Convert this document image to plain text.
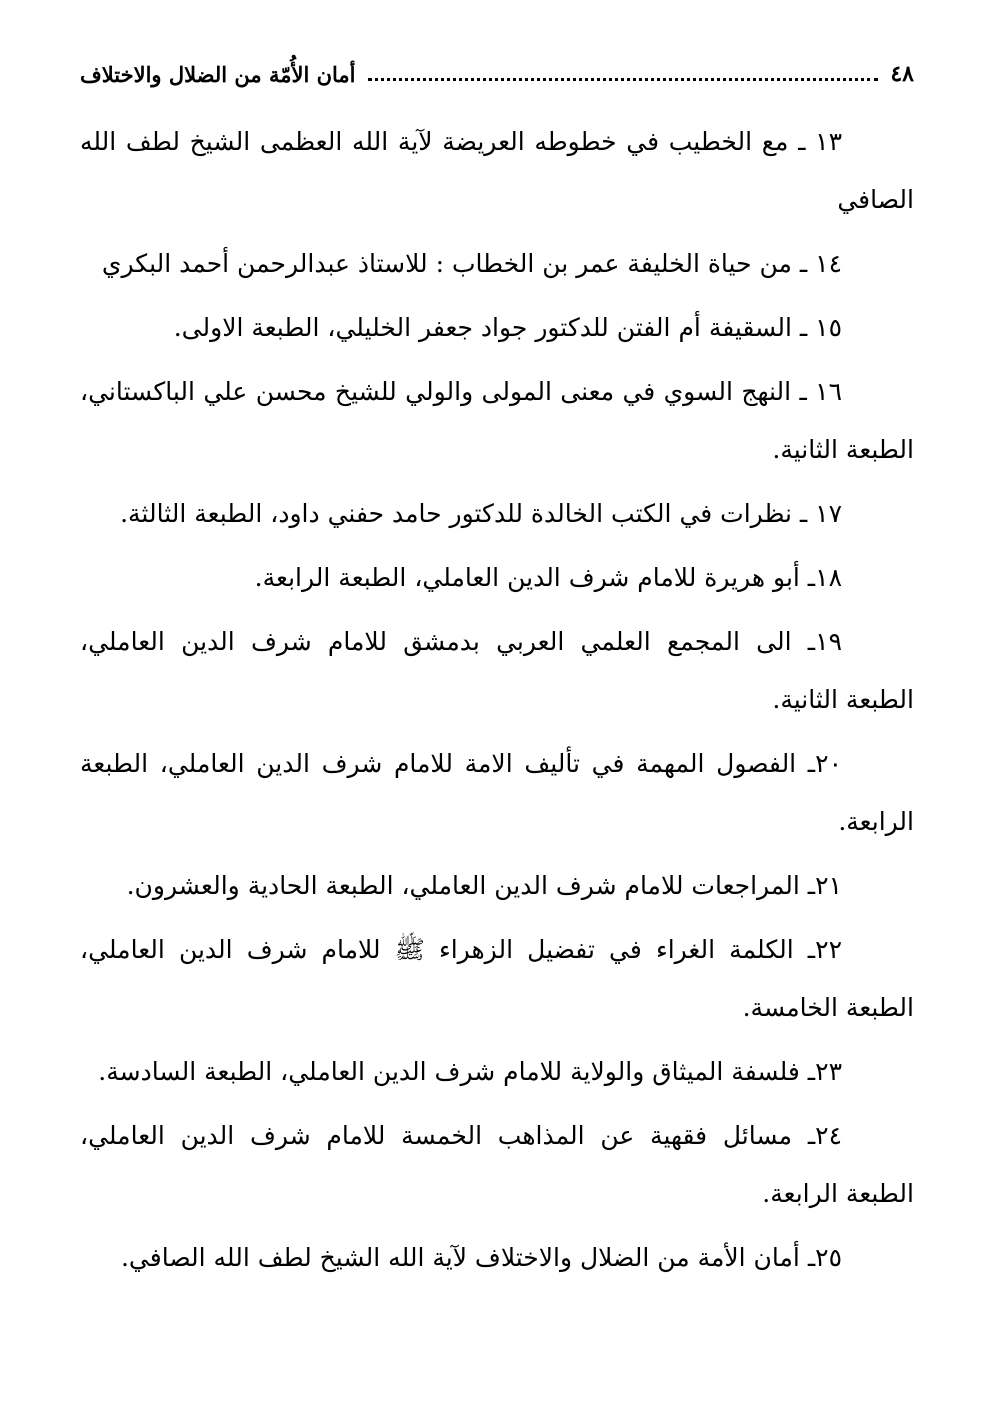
٤٨
أمان الأُمّة من الضلال والاختلاف
١٣ ـ مع الخطيب في خطوطه العريضة لآية الله العظمى الشيخ لطف الله الصافي
١٤ ـ من حياة الخليفة عمر بن الخطاب : للاستاذ عبدالرحمن أحمد البكري
١٥ ـ السقيفة أم الفتن للدكتور جواد جعفر الخليلي، الطبعة الاولى.
١٦ ـ النهج السوي في معنى المولى والولي للشيخ محسن علي الباكستاني، الطبعة الثانية.
١٧ ـ نظرات في الكتب الخالدة للدكتور حامد حفني داود، الطبعة الثالثة.
١٨ـ أبو هريرة للامام شرف الدين العاملي، الطبعة الرابعة.
١٩ـ الى المجمع العلمي العربي بدمشق للامام شرف الدين العاملي، الطبعة الثانية.
٢٠ـ الفصول المهمة في تأليف الامة للامام شرف الدين العاملي، الطبعة الرابعة.
٢١ـ المراجعات للامام شرف الدين العاملي، الطبعة الحادية والعشرون.
٢٢ـ الكلمة الغراء في تفضيل الزهراء ﷺ للامام شرف الدين العاملي، الطبعة الخامسة.
٢٣ـ فلسفة الميثاق والولاية للامام شرف الدين العاملي، الطبعة السادسة.
٢٤ـ مسائل فقهية عن المذاهب الخمسة للامام شرف الدين العاملي، الطبعة الرابعة.
٢٥ـ أمان الأمة من الضلال والاختلاف لآية الله الشيخ لطف الله الصافي.
